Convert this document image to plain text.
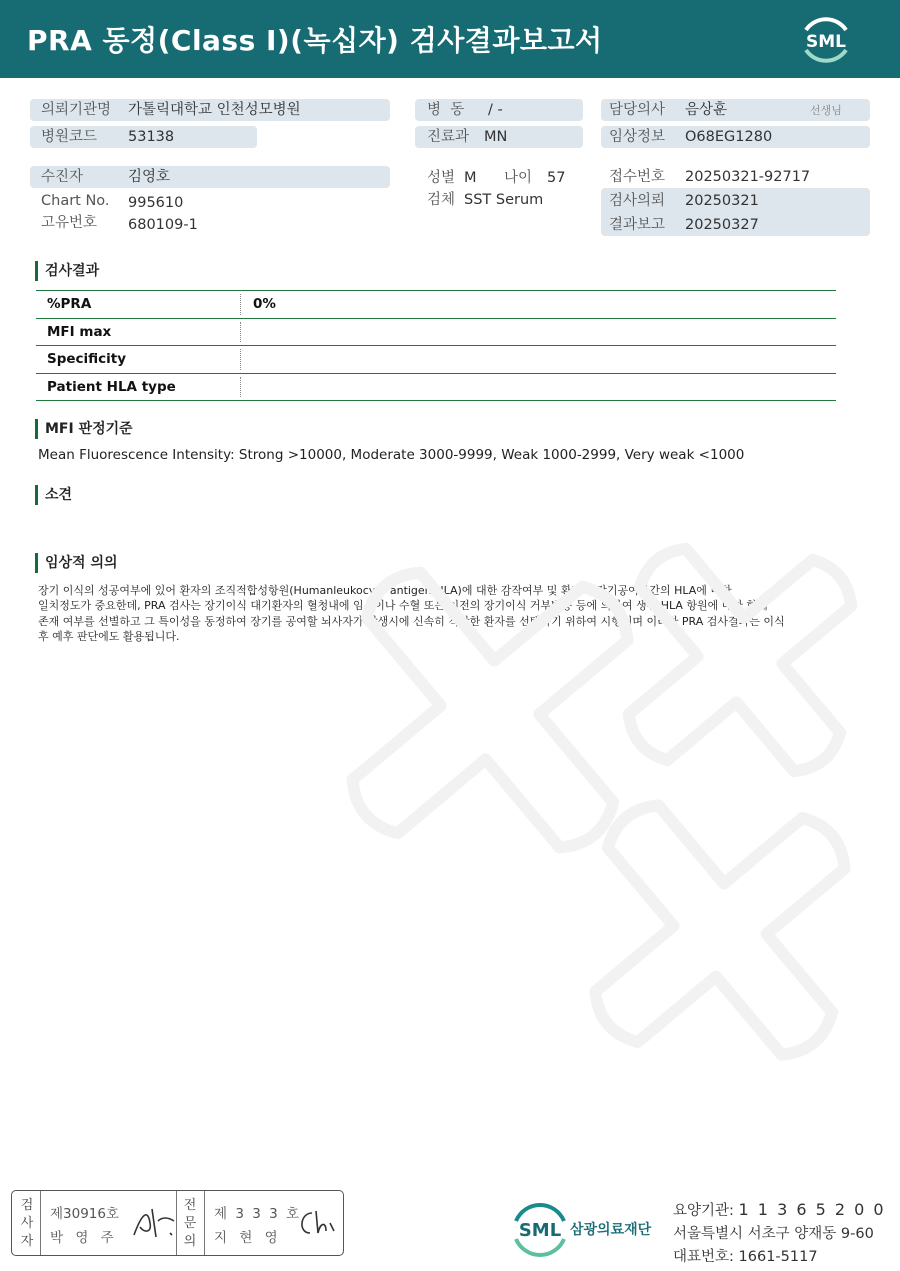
PRA 동정(Class I)(녹십자) 검사결과보고서	SML
의뢰기관명 가톨릭대학교 인천성모병원
병원코드 53138
병  동 / -
진료과 MN
담당의사 음상훈	선생님
임상정보 O68EG1280
수진자	김영호
Chart No. 995610
고유번호 680109-1
성별 M 나이 57
검체 SST Serum
접수번호 20250321-92717
검사의뢰 20250321
결과보고 20250327
검사결과
%PRA	0%
MFI max
Specificity
Patient HLA type
MFI 판정기준
Mean Fluorescence Intensity: Strong >10000, Moderate 3000-9999, Weak 1000-2999, Very weak <1000
소견
임상적 의의
장기 이식의 성공여부에 있어 환자의 조직적합성항원(Humanleukocyte antigen:HLA)에 대한 감작여부 및 환자와 장기공여자간의 HLA에 대한
일치정도가 중요한데, PRA 검사는 장기이식 대기환자의 혈청내에 임신이나 수혈 또는 이전의 장기이식 거부반응 등에 의하여 생긴 HLA 항원에 대한 항체
존재 여부를 선별하고 그 특이성을 동정하여 장기를 공여할 뇌사자가 발생시에 신속히 적합한 환자를 선택하기 위하여 시행되며 이러한 PRA 검사결과는 이식
후 예후 판단에도 활용됩니다.
검
사
자
제30916호
박 영 주
전
문
의
제 3 3 3 호
지 현 영	SML 삼광의료재단
요양기관: 1 1 3 6 5 2 0 0
서울특별시 서초구 양재동 9-60
대표번호: 1661-5117
